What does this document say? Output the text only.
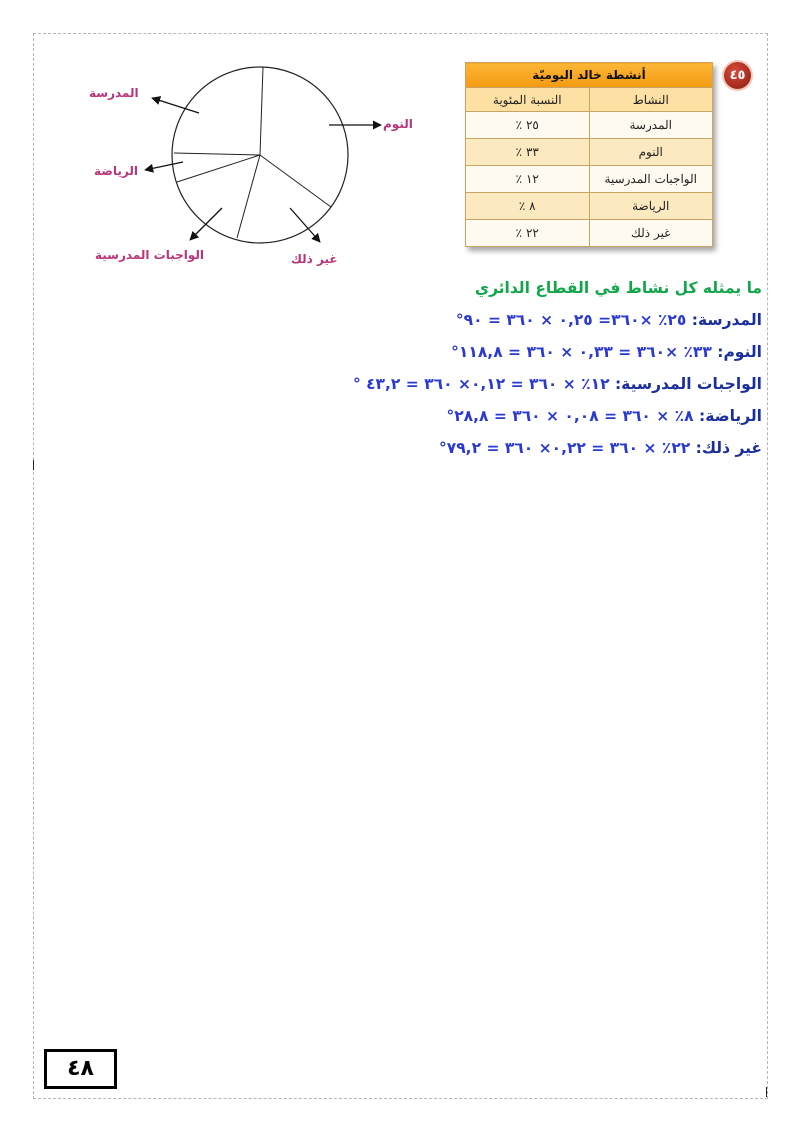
٤٥
أنشطة خالد اليوميّة	
النشاط	النسبة المئوية
المدرسة	٢٥ ٪
النوم	٣٣ ٪
الواجبات المدرسية	١٢ ٪
الرياضة	٨ ٪
غير ذلك	٢٢ ٪
المدرسة
النوم
الرياضة
الواجبات المدرسية	غير ذلك
ما يمثله كل نشاط في القطاع الدائري
المدرسة: ٢٥٪ ×٣٦٠= ٠,٢٥ × ٣٦٠ = ٩٠°
النوم: ٣٣٪ ×٣٦٠ = ٠,٣٣ × ٣٦٠ = ١١٨,٨°
الواجبات المدرسية: ١٢٪ × ٣٦٠ = ٠,١٢× ٣٦٠ = ٤٣,٢ °
الرياضة: ٨٪ × ٣٦٠ = ٠,٠٨ × ٣٦٠ = ٢٨,٨°
غير ذلك: ٢٢٪ × ٣٦٠ = ٠,٢٢× ٣٦٠ = ٧٩,٢°
٤٨
